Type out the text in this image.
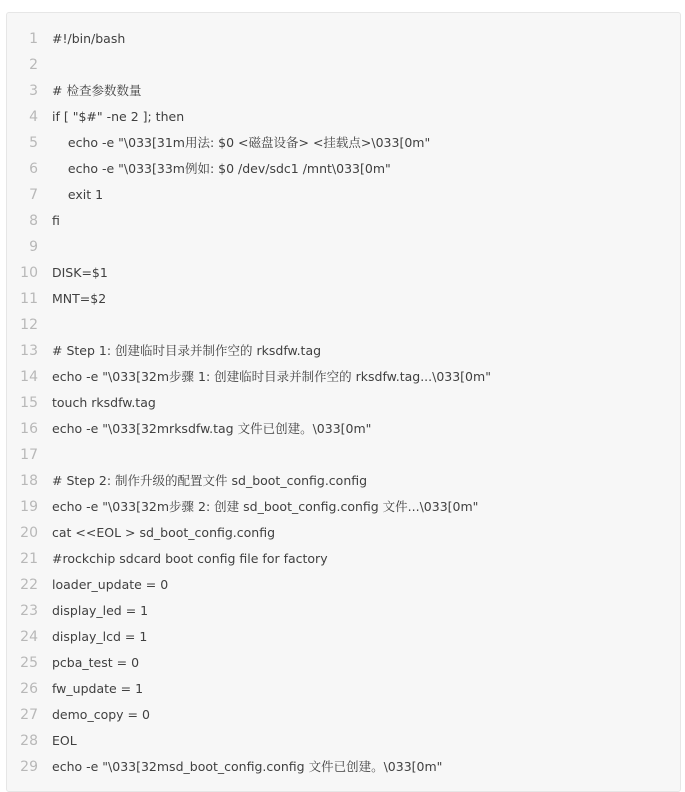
1	#!/bin/bash
2
3	# 检查参数数量
4	if [ "$#" -ne 2 ]; then
5	echo -e "\033[31m用法: $0 <磁盘设备> <挂载点>\033[0m"
6	echo -e "\033[33m例如: $0 /dev/sdc1 /mnt\033[0m"
7	exit 1
8	fi
9
10	DISK=$1
11	MNT=$2
12
13	# Step 1: 创建临时目录并制作空的 rksdfw.tag
14	echo -e "\033[32m步骤 1: 创建临时目录并制作空的 rksdfw.tag...\033[0m"
15	touch rksdfw.tag
16	echo -e "\033[32mrksdfw.tag 文件已创建。\033[0m"
17
18	# Step 2: 制作升级的配置文件 sd_boot_config.config
19	echo -e "\033[32m步骤 2: 创建 sd_boot_config.config 文件...\033[0m"
20	cat <<EOL > sd_boot_config.config
21	#rockchip sdcard boot config file for factory
22	loader_update = 0
23	display_led = 1
24	display_lcd = 1
25	pcba_test = 0
26	fw_update = 1
27	demo_copy = 0
28	EOL
29	echo -e "\033[32msd_boot_config.config 文件已创建。\033[0m"
